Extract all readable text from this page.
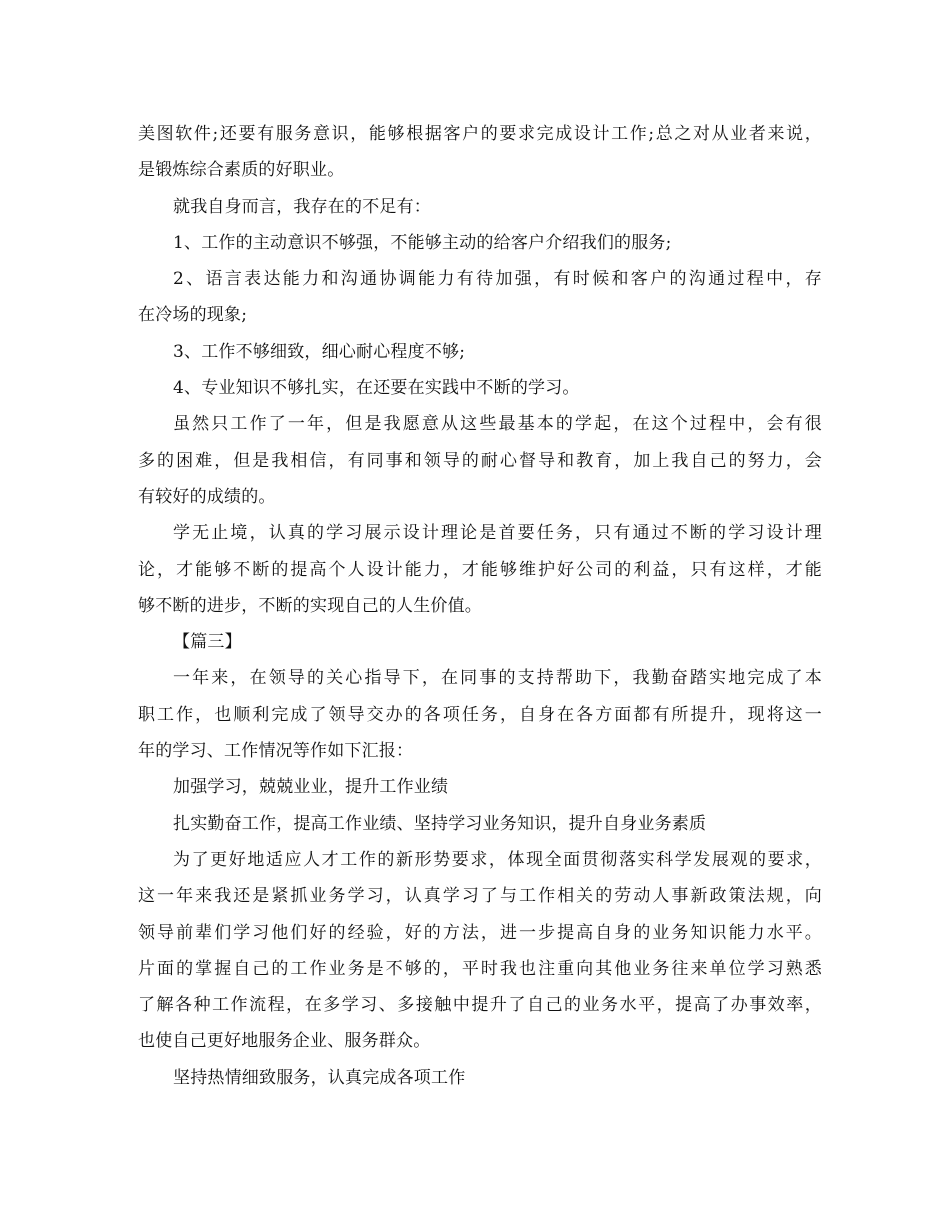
美图软件;还要有服务意识，能够根据客户的要求完成设计工作;总之对从业者来说，
是锻炼综合素质的好职业。
就我自身而言，我存在的不足有：
1、工作的主动意识不够强，不能够主动的给客户介绍我们的服务;
2、语言表达能力和沟通协调能力有待加强，有时候和客户的沟通过程中，存
在冷场的现象;
3、工作不够细致，细心耐心程度不够;
4、专业知识不够扎实，在还要在实践中不断的学习。
虽然只工作了一年，但是我愿意从这些最基本的学起，在这个过程中，会有很
多的困难，但是我相信，有同事和领导的耐心督导和教育，加上我自己的努力，会
有较好的成绩的。
学无止境，认真的学习展示设计理论是首要任务，只有通过不断的学习设计理
论，才能够不断的提高个人设计能力，才能够维护好公司的利益，只有这样，才能
够不断的进步，不断的实现自己的人生价值。
【篇三】
一年来，在领导的关心指导下，在同事的支持帮助下，我勤奋踏实地完成了本
职工作，也顺利完成了领导交办的各项任务，自身在各方面都有所提升，现将这一
年的学习、工作情况等作如下汇报：
加强学习，兢兢业业，提升工作业绩
扎实勤奋工作，提高工作业绩、坚持学习业务知识，提升自身业务素质
为了更好地适应人才工作的新形势要求，体现全面贯彻落实科学发展观的要求，
这一年来我还是紧抓业务学习，认真学习了与工作相关的劳动人事新政策法规，向
领导前辈们学习他们好的经验，好的方法，进一步提高自身的业务知识能力水平。
片面的掌握自己的工作业务是不够的，平时我也注重向其他业务往来单位学习熟悉
了解各种工作流程，在多学习、多接触中提升了自己的业务水平，提高了办事效率，
也使自己更好地服务企业、服务群众。
坚持热情细致服务，认真完成各项工作
